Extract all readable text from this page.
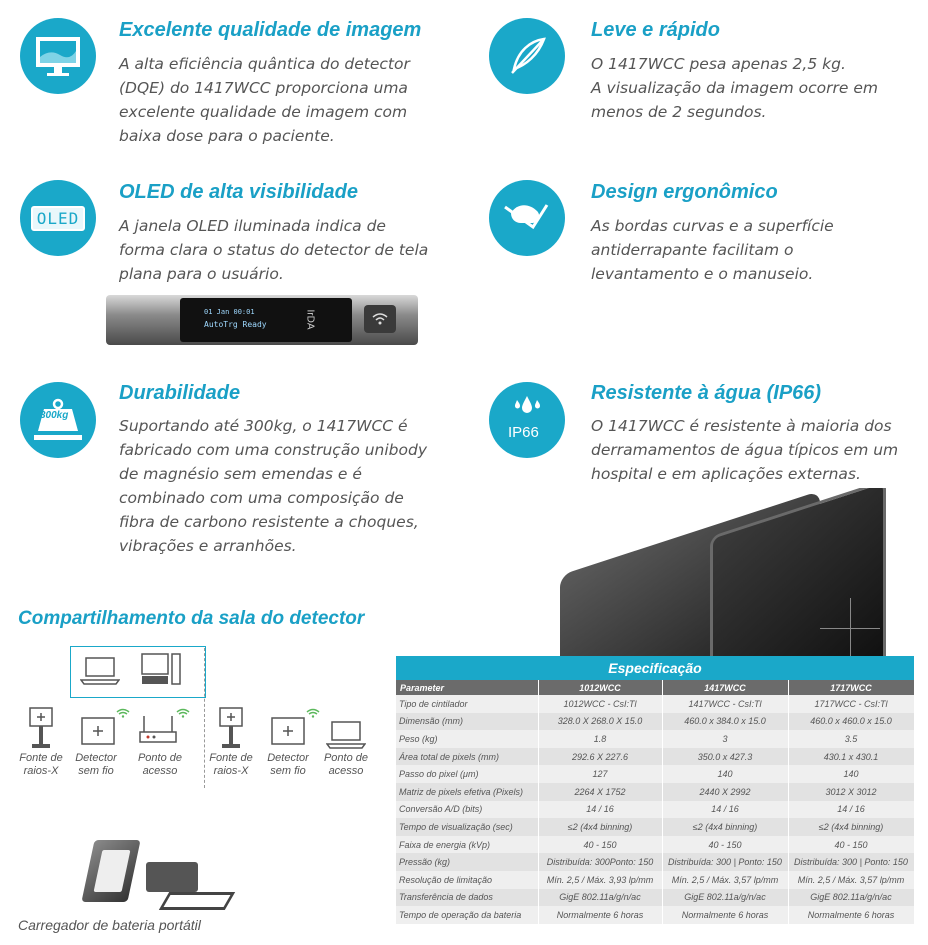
Excelente qualidade de imagem
A alta eficiência quântica do detector
(DQE) do 1417WCC proporciona uma
excelente qualidade de imagem com
baixa dose para o paciente.
Leve e rápido
O 1417WCC pesa apenas 2,5 kg.
A visualização da imagem ocorre em
menos de 2 segundos.
OLED
OLED de alta visibilidade
A janela OLED iluminada indica de
forma clara o status do detector de tela
plana para o usuário.
01 Jan 00:01
AutoTrg Ready	IrDA
Design ergonômico
As bordas curvas e a superfície
antiderrapante facilitam o
levantamento e o manuseio.
300kg
Durabilidade
Suportando até 300kg, o 1417WCC é
fabricado com uma construção unibody
de magnésio sem emendas e é
combinado com uma composição de
fibra de carbono resistente a choques,
vibrações e arranhões.
IP66
Resistente à água (IP66)
O 1417WCC é resistente à maioria dos
derramamentos de água típicos em um
hospital e em aplicações externas.
Compartilhamento da sala do detector
Fonte de
raios-X
Detector
sem fio
Ponto de
acesso
Fonte de
raios-X
Detector
sem fio
Ponto de
acesso
Carregador de bateria portátil
Especificação
Parameter	1012WCC	1417WCC	1717WCC
Tipo de cintilador	1012WCC - CsI:Tl	1417WCC - CsI:Tl	1717WCC - CsI:Tl
Dimensão (mm)	328.0 X 268.0 X 15.0	460.0 x 384.0 x 15.0	460.0 x 460.0 x 15.0
Peso (kg)	1.8	3	3.5
Área total de pixels (mm)	292.6 X 227.6	350.0 x 427.3	430.1 x 430.1
Passo do pixel (μm)	127	140	140
Matriz de pixels efetiva (Pixels)	2264 X 1752	2440 X 2992	3012 X 3012
Conversão A/D (bits)	14 / 16	14 / 16	14 / 16
Tempo de visualização (sec)	≤2 (4x4 binning)	≤2 (4x4 binning)	≤2 (4x4 binning)
Faixa de energia (kVp)	40 - 150	40 - 150	40 - 150
Pressão (kg)	Distribuída: 300Ponto: 150	Distribuída: 300 | Ponto: 150	Distribuída: 300 | Ponto: 150
Resolução de limitação	Mín. 2,5 / Máx. 3,93 lp/mm	Mín. 2,5 / Máx. 3,57 lp/mm	Mín. 2,5 / Máx. 3,57 lp/mm
Transferência de dados	GigE 802.11a/g/n/ac	GigE 802.11a/g/n/ac	GigE 802.11a/g/n/ac
Tempo de operação da bateria	Normalmente 6 horas	Normalmente 6 horas	Normalmente 6 horas
